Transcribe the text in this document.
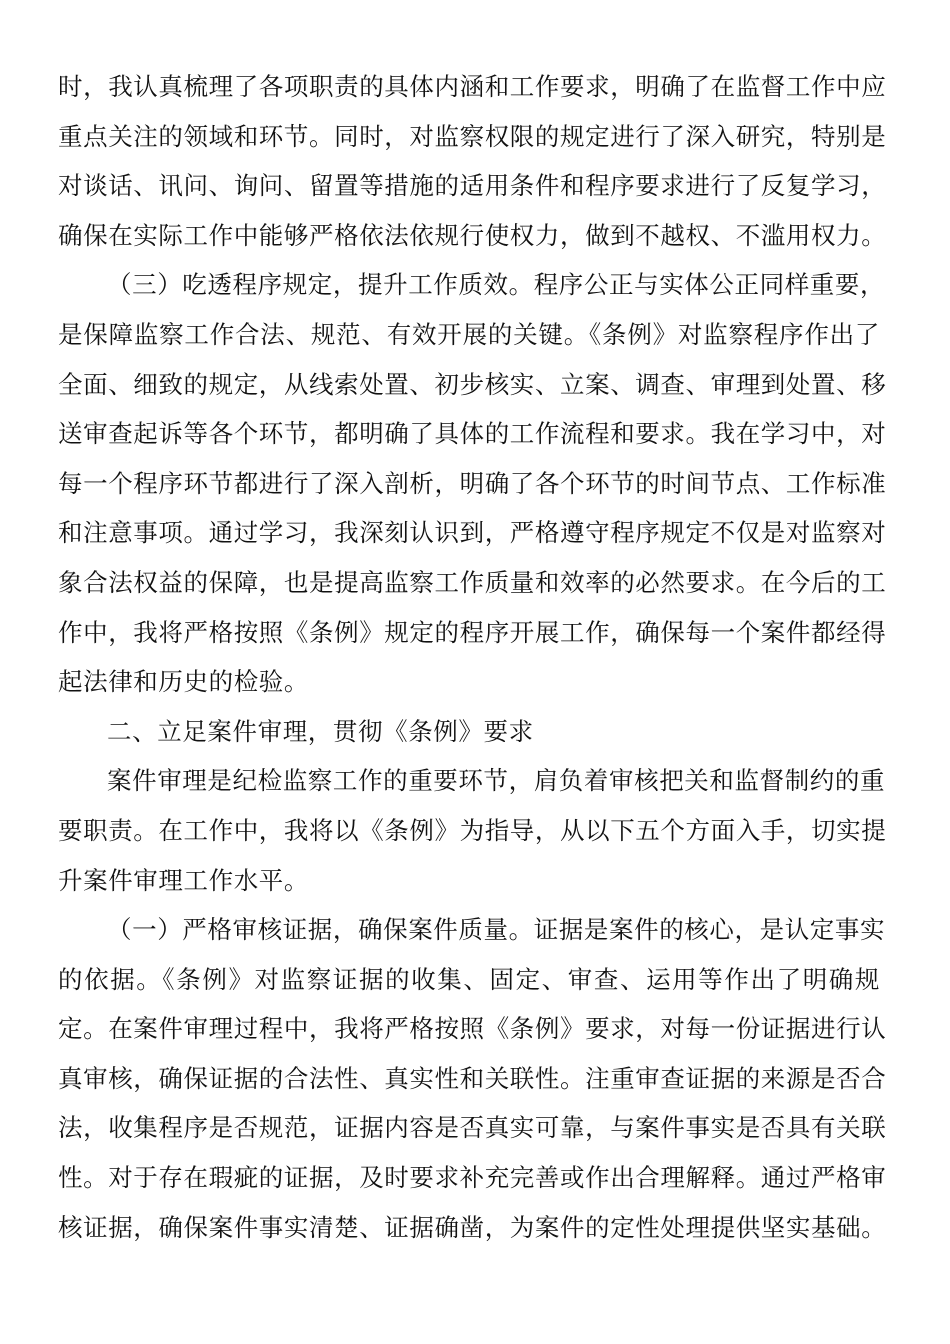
时，我认真梳理了各项职责的具体内涵和工作要求，明确了在监督工作中应
重点关注的领域和环节。同时，对监察权限的规定进行了深入研究，特别是
对谈话、讯问、询问、留置等措施的适用条件和程序要求进行了反复学习，
确保在实际工作中能够严格依法依规行使权力，做到不越权、不滥用权力。
（三）吃透程序规定，提升工作质效。程序公正与实体公正同样重要，
是保障监察工作合法、规范、有效开展的关键。《条例》对监察程序作出了
全面、细致的规定，从线索处置、初步核实、立案、调查、审理到处置、移
送审查起诉等各个环节，都明确了具体的工作流程和要求。我在学习中，对
每一个程序环节都进行了深入剖析，明确了各个环节的时间节点、工作标准
和注意事项。通过学习，我深刻认识到，严格遵守程序规定不仅是对监察对
象合法权益的保障，也是提高监察工作质量和效率的必然要求。在今后的工
作中，我将严格按照《条例》规定的程序开展工作，确保每一个案件都经得
起法律和历史的检验。
二、立足案件审理，贯彻《条例》要求
案件审理是纪检监察工作的重要环节，肩负着审核把关和监督制约的重
要职责。在工作中，我将以《条例》为指导，从以下五个方面入手，切实提
升案件审理工作水平。
（一）严格审核证据，确保案件质量。证据是案件的核心，是认定事实
的依据。《条例》对监察证据的收集、固定、审查、运用等作出了明确规
定。在案件审理过程中，我将严格按照《条例》要求，对每一份证据进行认
真审核，确保证据的合法性、真实性和关联性。注重审查证据的来源是否合
法，收集程序是否规范，证据内容是否真实可靠，与案件事实是否具有关联
性。对于存在瑕疵的证据，及时要求补充完善或作出合理解释。通过严格审
核证据，确保案件事实清楚、证据确凿，为案件的定性处理提供坚实基础。
